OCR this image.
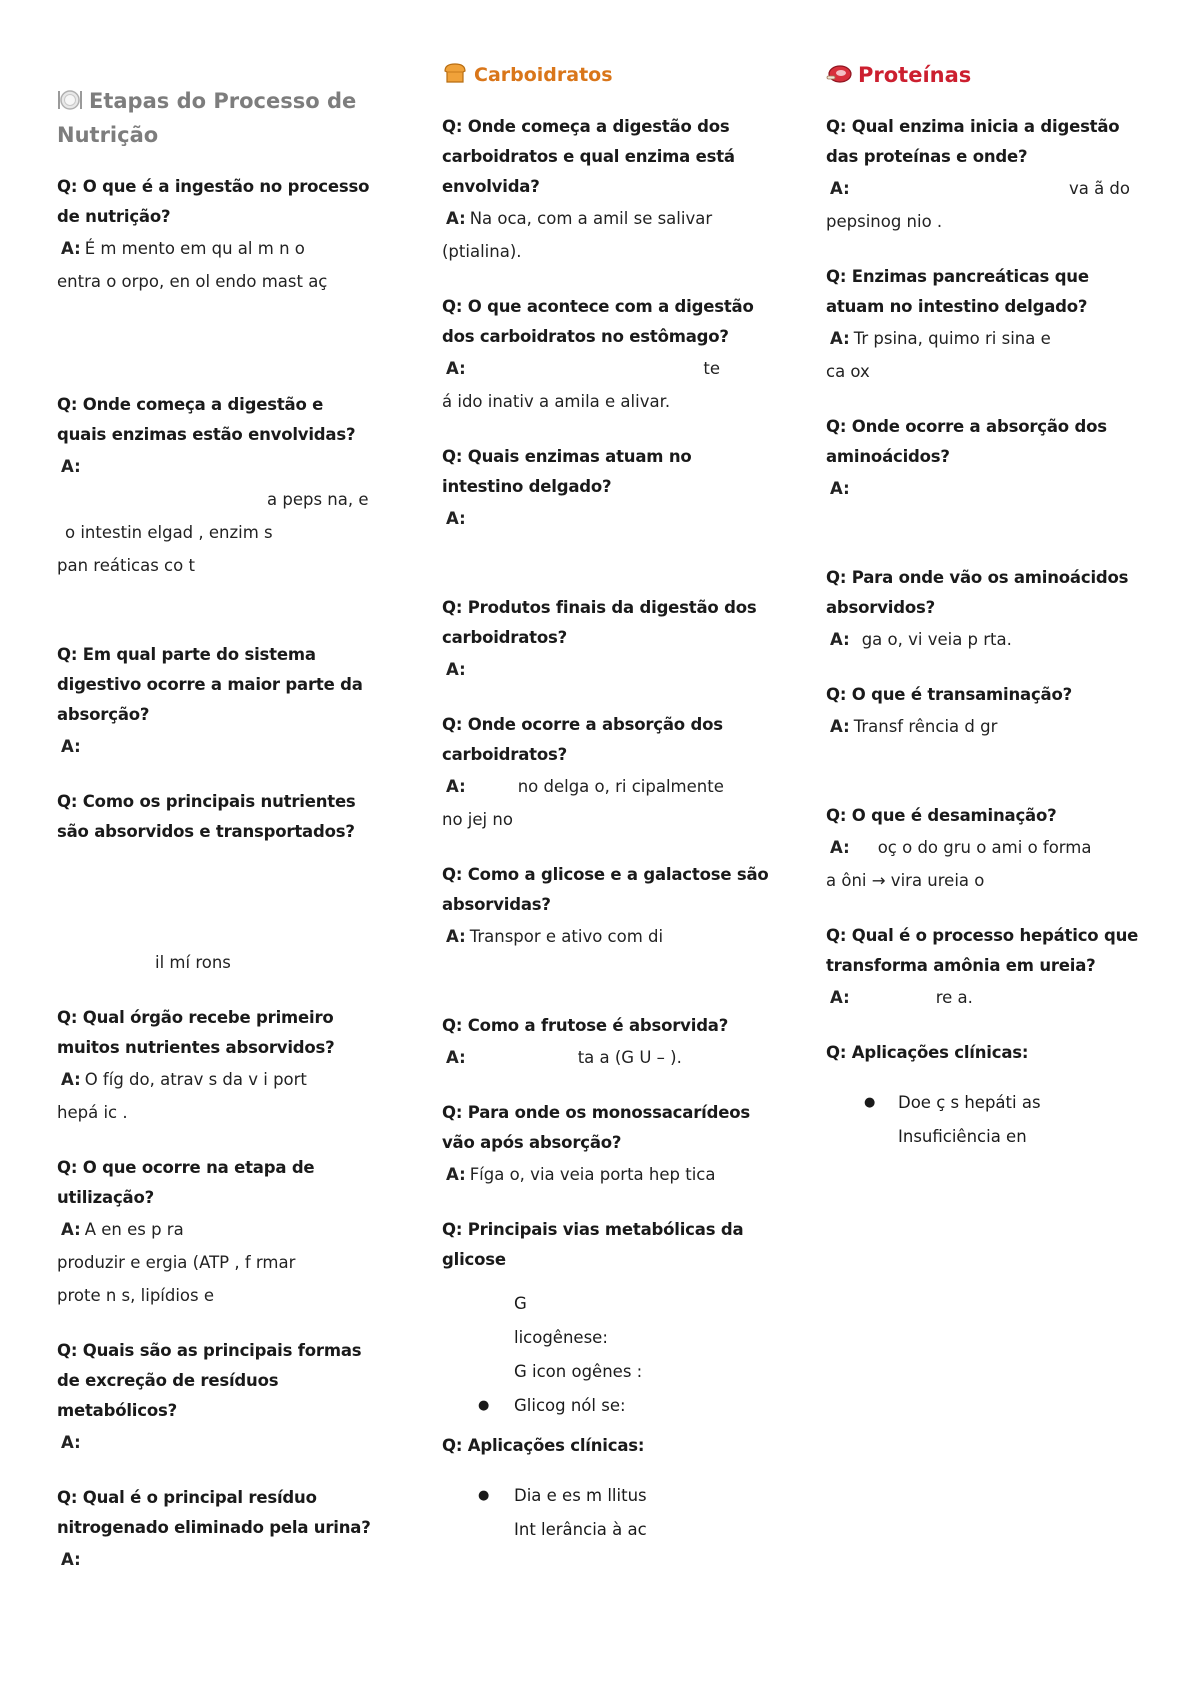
Etapas do Processo de Nutrição
Q: O que é a ingestão no processo de nutrição?
A: É m mento em qu al m n o
entra o orpo, en ol endo mast aç
Q: Onde começa a digestão e quais enzimas estão envolvidas?
A:

a peps na, e
o intestin elgad , enzim s
pan reáticas co t
Q: Em qual parte do sistema digestivo ocorre a maior parte da absorção?
A:
Q: Como os principais nutrientes são absorvidos e transportados?
il mí rons
Q: Qual órgão recebe primeiro muitos nutrientes absorvidos?
A: O fíg do, atrav s da v i port
hepá ic .
Q: O que ocorre na etapa de utilização?
A: A en es p ra
produzir e ergia (ATP , f rmar
prote n s, lipídios e
Q: Quais são as principais formas de excreção de resíduos metabólicos?
A:
Q: Qual é o principal resíduo nitrogenado eliminado pela urina?
A:
Carboidratos
Q: Onde começa a digestão dos carboidratos e qual enzima está envolvida?
A: Na oca, com a amil se salivar
(ptialina).
Q: O que acontece com a digestão dos carboidratos no estômago?
A:	te

á ido inativ a amila e alivar.
Q: Quais enzimas atuam no intestino delgado?
A:
Q: Produtos finais da digestão dos carboidratos?
A:
Q: Onde ocorre a absorção dos carboidratos?
A:	no delga o, ri cipalmente
no jej no
Q: Como a glicose e a galactose são absorvidas?
A: Transpor e ativo com di
Q: Como a frutose é absorvida?
A:	ta a (G U – ).
Q: Para onde os monossacarídeos vão após absorção?
A: Fíga o, via veia porta hep tica
Q: Principais vias metabólicas da glicose
G
licogênese:
G icon ogênes :
● Glicog nól se:
Q: Aplicações clínicas:
● Dia e es m llitus
Int lerância à ac
Proteínas
Q: Qual enzima inicia a digestão das proteínas e onde?
A:	va ã do

pepsinog nio .
Q: Enzimas pancreáticas que atuam no intestino delgado?
A: Tr psina, quimo ri sina e
ca ox
Q: Onde ocorre a absorção dos aminoácidos?
A:
Q: Para onde vão os aminoácidos absorvidos?
A: ga o, vi veia p rta.
Q: O que é transaminação?
A: Transf rência d gr
Q: O que é desaminação?
A: oç o do gru o ami o forma
a ôni → vira ureia o
Q: Qual é o processo hepático que transforma amônia em ureia?
A:	re a.
Q: Aplicações clínicas:
● Doe ç s hepáti as
Insuficiência en
